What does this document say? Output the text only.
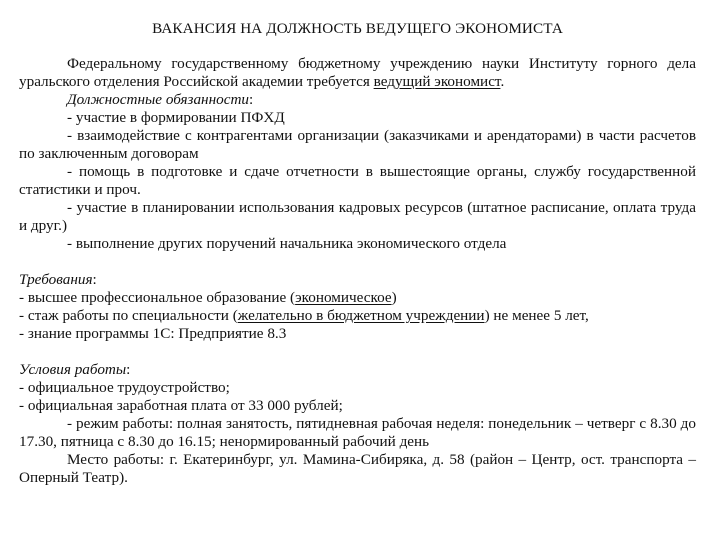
ВАКАНСИЯ НА ДОЛЖНОСТЬ ВЕДУЩЕГО ЭКОНОМИСТА

Федеральному государственному бюджетному учреждению науки Институту горного дела уральского отделения Российской академии требуется ведущий экономист.

Должностные обязанности:

- участие в формировании ПФХД

- взаимодействие с контрагентами организации (заказчиками и арендаторами) в части расчетов по заключенным договорам

- помощь в подготовке и сдаче отчетности в вышестоящие органы, службу государственной статистики и проч.

- участие в планировании использования кадровых ресурсов (штатное расписание, оплата труда и друг.)

- выполнение других поручений начальника экономического отдела

Требования:

- высшее профессиональное образование (экономическое)

- стаж работы по специальности (желательно в бюджетном учреждении) не менее 5 лет,

- знание программы 1С: Предприятие 8.3

Условия работы:

- официальное трудоустройство;

- официальная заработная плата от 33 000 рублей;

- режим работы: полная занятость, пятидневная рабочая неделя: понедельник – четверг с 8.30 до 17.30, пятница с 8.30 до 16.15; ненормированный рабочий день

Место работы: г. Екатеринбург, ул. Мамина-Сибиряка, д. 58 (район – Центр, ост. транспорта – Оперный Театр).
